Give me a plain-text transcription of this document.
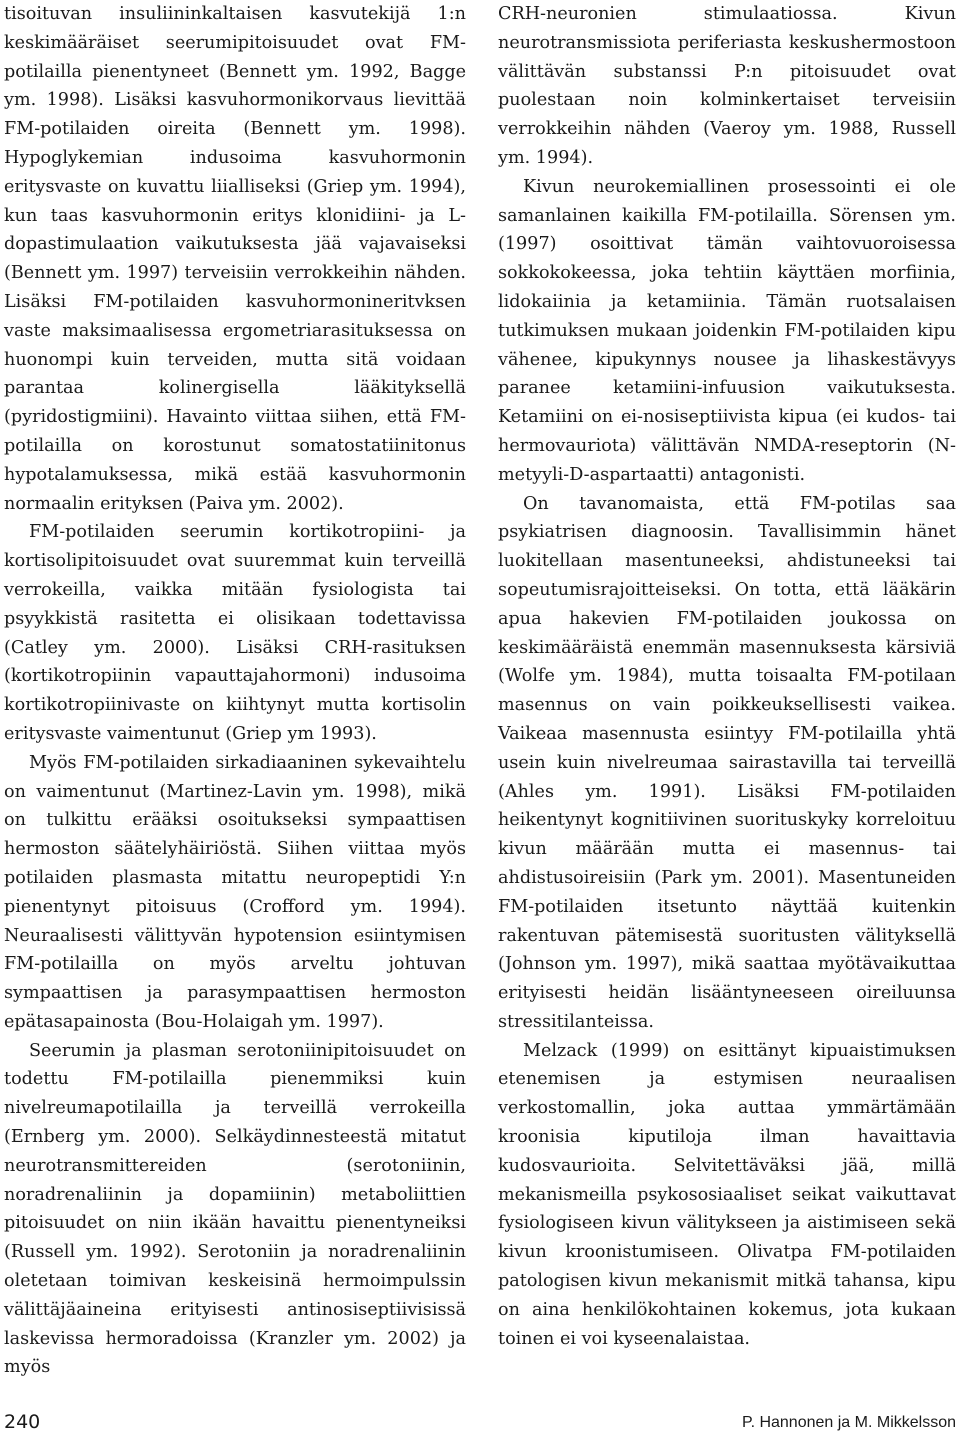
tisoituvan insuliininkaltaisen kasvutekijä 1:n keskimääräiset seerumipitoisuudet ovat FM-potilailla pienentyneet (Bennett ym. 1992, Bagge ym. 1998). Lisäksi kasvuhormonikorvaus lievittää FM-potilaiden oireita (Bennett ym. 1998). Hypoglykemian indusoima kasvuhormonin eritysvaste on kuvattu liialliseksi (Griep ym. 1994), kun taas kasvuhormonin eritys klonidiini- ja L-dopastimulaation vaikutuksesta jää vajavaiseksi (Bennett ym. 1997) terveisiin verrokkeihin nähden. Lisäksi FM-potilaiden kasvuhormonineritvksen vaste maksimaalisessa ergometriarasituksessa on huonompi kuin terveiden, mutta sitä voidaan parantaa kolinergisella lääkityksellä (pyridostigmiini). Havainto viittaa siihen, että FM-potilailla on korostunut somatostatiinitonus hypotalamuksessa, mikä estää kasvuhormonin normaalin erityksen (Paiva ym. 2002).

FM-potilaiden seerumin kortikotropiini- ja kortisolipitoisuudet ovat suuremmat kuin terveillä verrokeilla, vaikka mitään fysiologista tai psyykkistä rasitetta ei olisikaan todettavissa (Catley ym. 2000). Lisäksi CRH-rasituksen (kortikotropiinin vapauttajahormoni) indusoima kortikotropiinivaste on kiihtynyt mutta kortisolin eritysvaste vaimentunut (Griep ym 1993).

Myös FM-potilaiden sirkadiaaninen sykevaihtelu on vaimentunut (Martinez-Lavin ym. 1998), mikä on tulkittu erääksi osoitukseksi sympaattisen hermoston säätelyhäiriöstä. Siihen viittaa myös potilaiden plasmasta mitattu neuropeptidi Y:n pienentynyt pitoisuus (Crofford ym. 1994). Neuraalisesti välittyvän hypotension esiintymisen FM-potilailla on myös arveltu johtuvan sympaattisen ja parasympaattisen hermoston epätasapainosta (Bou-Holaigah ym. 1997).

Seerumin ja plasman serotoniinipitoisuudet on todettu FM-potilailla pienemmiksi kuin nivelreumapotilailla ja terveillä verrokeilla (Ernberg ym. 2000). Selkäydinnesteestä mitatut neurotransmittereiden (serotoniinin, noradrenaliinin ja dopamiinin) metaboliittien pitoisuudet on niin ikään havaittu pienentyneiksi (Russell ym. 1992). Serotoniin ja noradrenaliinin oletetaan toimivan keskeisinä hermoimpulssin välittäjäaineina erityisesti antinosiseptiivisissä laskevissa hermoradoissa (Kranzler ym. 2002) ja myös

CRH-neuronien stimulaatiossa. Kivun neurotransmissiota periferiasta keskushermostoon välittävän substanssi P:n pitoisuudet ovat puolestaan noin kolminkertaiset terveisiin verrokkeihin nähden (Vaeroy ym. 1988, Russell ym. 1994).

Kivun neurokemiallinen prosessointi ei ole samanlainen kaikilla FM-potilailla. Sörensen ym. (1997) osoittivat tämän vaihtovuoroisessa sokkokokeessa, joka tehtiin käyttäen morfiinia, lidokaiinia ja ketamiinia. Tämän ruotsalaisen tutkimuksen mukaan joidenkin FM-potilaiden kipu vähenee, kipukynnys nousee ja lihaskestävyys paranee ketamiini-infuusion vaikutuksesta. Ketamiini on ei-nosiseptiivista kipua (ei kudos- tai hermovauriota) välittävän NMDA-reseptorin (N-metyyli-D-aspartaatti) antagonisti.

On tavanomaista, että FM-potilas saa psykiatrisen diagnoosin. Tavallisimmin hänet luokitellaan masentuneeksi, ahdistuneeksi tai sopeutumisrajoitteiseksi. On totta, että lääkärin apua hakevien FM-potilaiden joukossa on keskimääräistä enemmän masennuksesta kärsiviä (Wolfe ym. 1984), mutta toisaalta FM-potilaan masennus on vain poikkeuksellisesti vaikea. Vaikeaa masennusta esiintyy FM-potilailla yhtä usein kuin nivelreumaa sairastavilla tai terveillä (Ahles ym. 1991). Lisäksi FM-potilaiden heikentynyt kognitiivinen suorituskyky korreloituu kivun määrään mutta ei masennus- tai ahdistusoireisiin (Park ym. 2001). Masentuneiden FM-potilaiden itsetunto näyttää kuitenkin rakentuvan pätemisestä suoritusten välityksellä (Johnson ym. 1997), mikä saattaa myötävaikuttaa erityisesti heidän lisääntyneeseen oireiluunsa stressitilanteissa.

Melzack (1999) on esittänyt kipuaistimuksen etenemisen ja estymisen neuraalisen verkostomallin, joka auttaa ymmärtämään kroonisia kiputiloja ilman havaittavia kudosvaurioita. Selvitettäväksi jää, millä mekanismeilla psykososiaaliset seikat vaikuttavat fysiologiseen kivun välitykseen ja aistimiseen sekä kivun kroonistumiseen. Olivatpa FM-potilaiden patologisen kivun mekanismit mitkä tahansa, kipu on aina henkilökohtainen kokemus, jota kukaan toinen ei voi kyseenalaistaa.

240	P. Hannonen ja M. Mikkelsson
